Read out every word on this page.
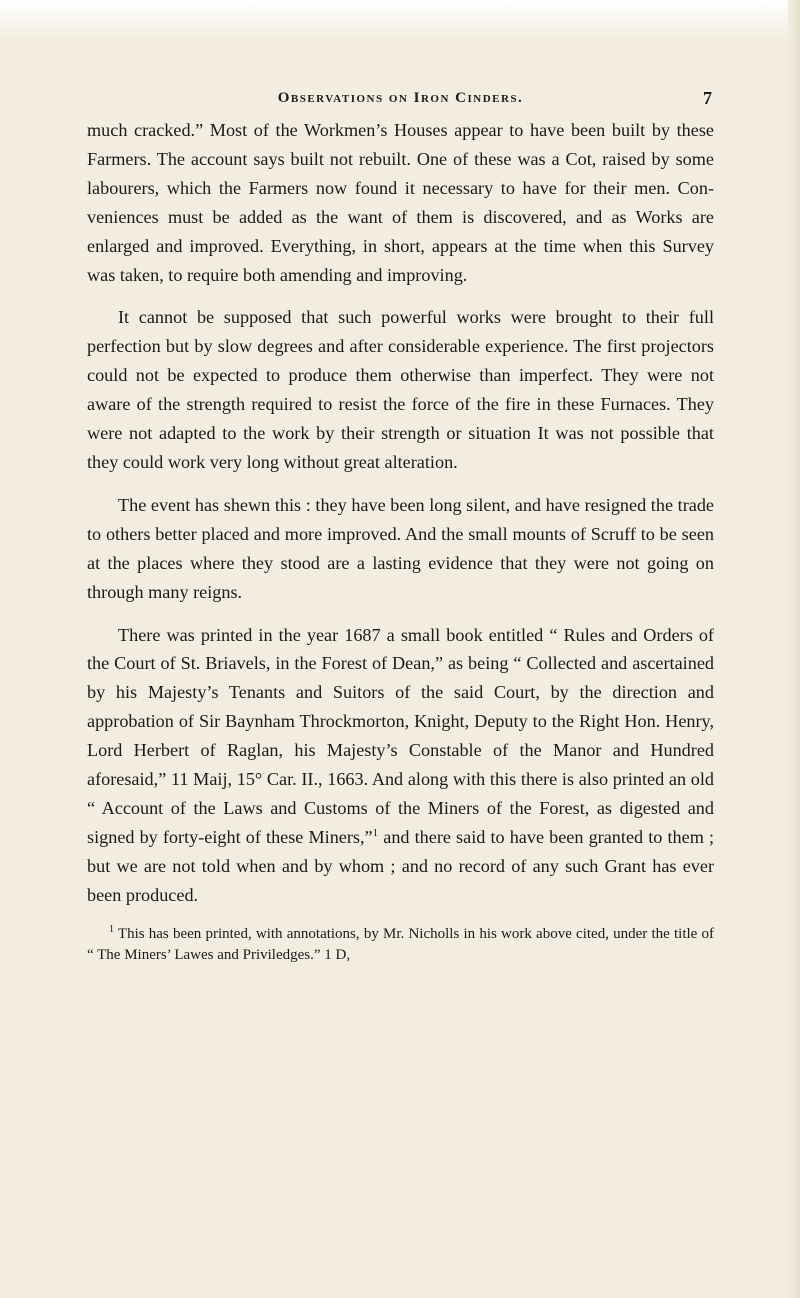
Observations on Iron Cinders.	7

much cracked.” Most of the Workmen’s Houses appear to have been built by these Farmers. The account says built not rebuilt. One of these was a Cot, raised by some labourers, which the Farmers now found it necessary to have for their men. Con-veniences must be added as the want of them is discovered, and as Works are enlarged and improved. Everything, in short, appears at the time when this Survey was taken, to require both amending and improving.

It cannot be supposed that such powerful works were brought to their full perfection but by slow degrees and after considerable experience. The first projectors could not be expected to produce them otherwise than imperfect. They were not aware of the strength required to resist the force of the fire in these Furnaces. They were not adapted to the work by their strength or situation It was not possible that they could work very long without great alteration.

The event has shewn this : they have been long silent, and have resigned the trade to others better placed and more improved. And the small mounts of Scruff to be seen at the places where they stood are a lasting evidence that they were not going on through many reigns.

There was printed in the year 1687 a small book entitled “ Rules and Orders of the Court of St. Briavels, in the Forest of Dean,” as being “ Collected and ascertained by his Majesty’s Tenants and Suitors of the said Court, by the direction and approbation of Sir Baynham Throckmorton, Knight, Deputy to the Right Hon. Henry, Lord Herbert of Raglan, his Majesty’s Constable of the Manor and Hundred aforesaid,” 11 Maij, 15° Car. II., 1663. And along with this there is also printed an old “ Account of the Laws and Customs of the Miners of the Forest, as digested and signed by forty-eight of these Miners,”$^1$ and there said to have been granted to them ; but we are not told when and by whom ; and no record of any such Grant has ever been produced.

$^1$ This has been printed, with annotations, by Mr. Nicholls in his work above cited, under the title of “ The Miners’ Lawes and Priviledges.” 1 D,
